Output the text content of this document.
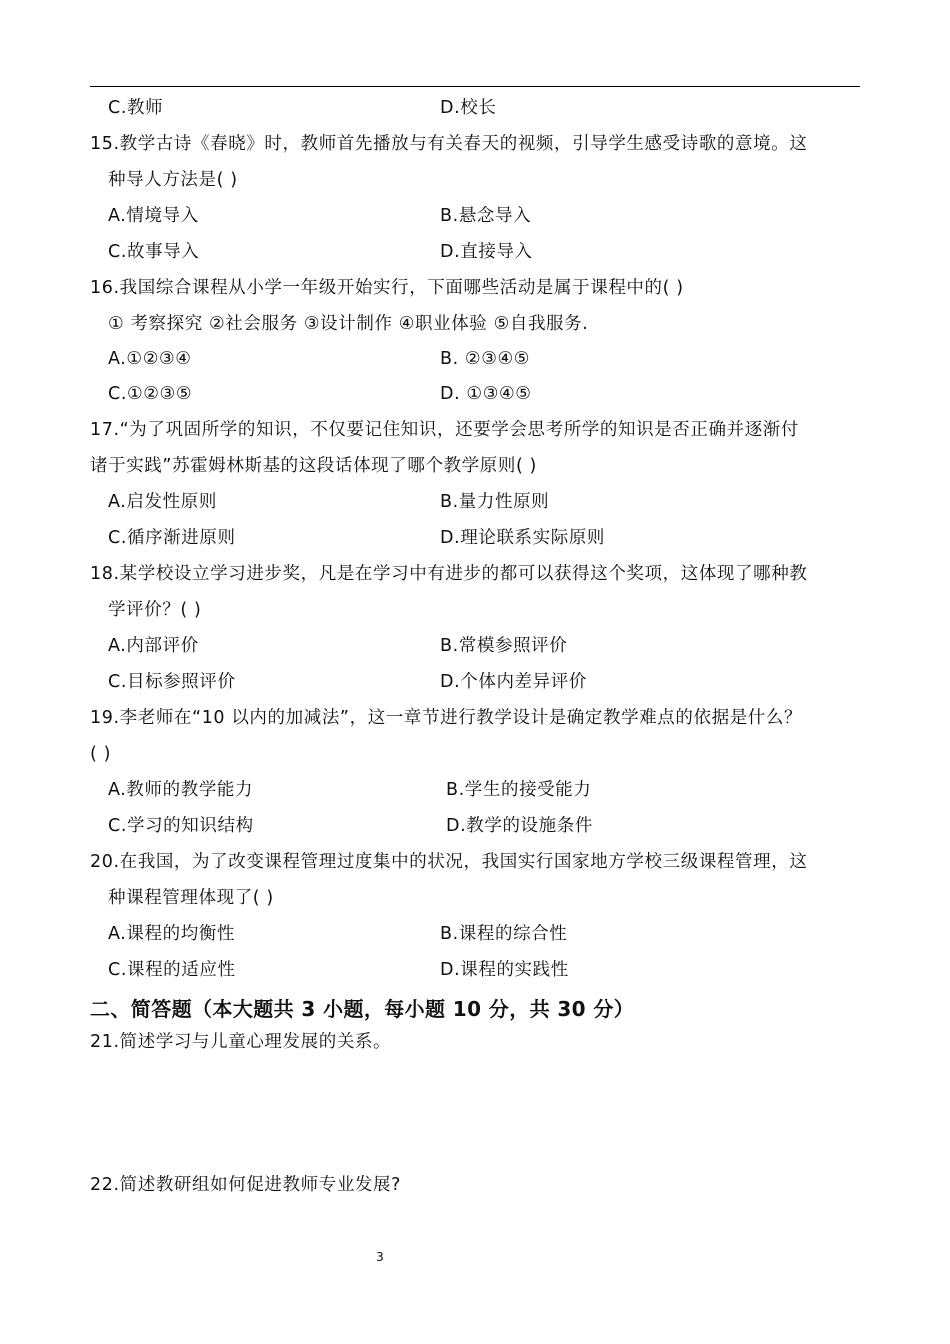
C.教师	D.校长
15.教学古诗《春晓》时，教师首先播放与有关春天的视频，引导学生感受诗歌的意境。这
种导人方法是( )
A.情境导入	B.悬念导入
C.故事导入	D.直接导入
16.我国综合课程从小学一年级开始实行，下面哪些活动是属于课程中的( )
① 考察探究 ②社会服务 ③设计制作 ④职业体验 ⑤自我服务.
A.①②③④	B. ②③④⑤
C.①②③⑤	D. ①③④⑤
17.“为了巩固所学的知识，不仅要记住知识，还要学会思考所学的知识是否正确并逐渐付
诸于实践”苏霍姆林斯基的这段话体现了哪个教学原则( )
A.启发性原则	B.量力性原则
C.循序渐进原则	D.理论联系实际原则
18.某学校设立学习进步奖，凡是在学习中有进步的都可以获得这个奖项，这体现了哪种教
学评价？( )
A.内部评价	B.常模参照评价
C.目标参照评价	D.个体内差异评价
19.李老师在“10 以内的加减法”，这一章节进行教学设计是确定教学难点的依据是什么？
( )
A.教师的教学能力	B.学生的接受能力
C.学习的知识结构	D.教学的设施条件
20.在我国，为了改变课程管理过度集中的状况，我国实行国家地方学校三级课程管理，这
种课程管理体现了( )
A.课程的均衡性	B.课程的综合性
C.课程的适应性	D.课程的实践性
二、简答题（本大题共 3 小题，每小题 10 分，共 30 分）
21.简述学习与儿童心理发展的关系。
22.简述教研组如何促进教师专业发展?
3
